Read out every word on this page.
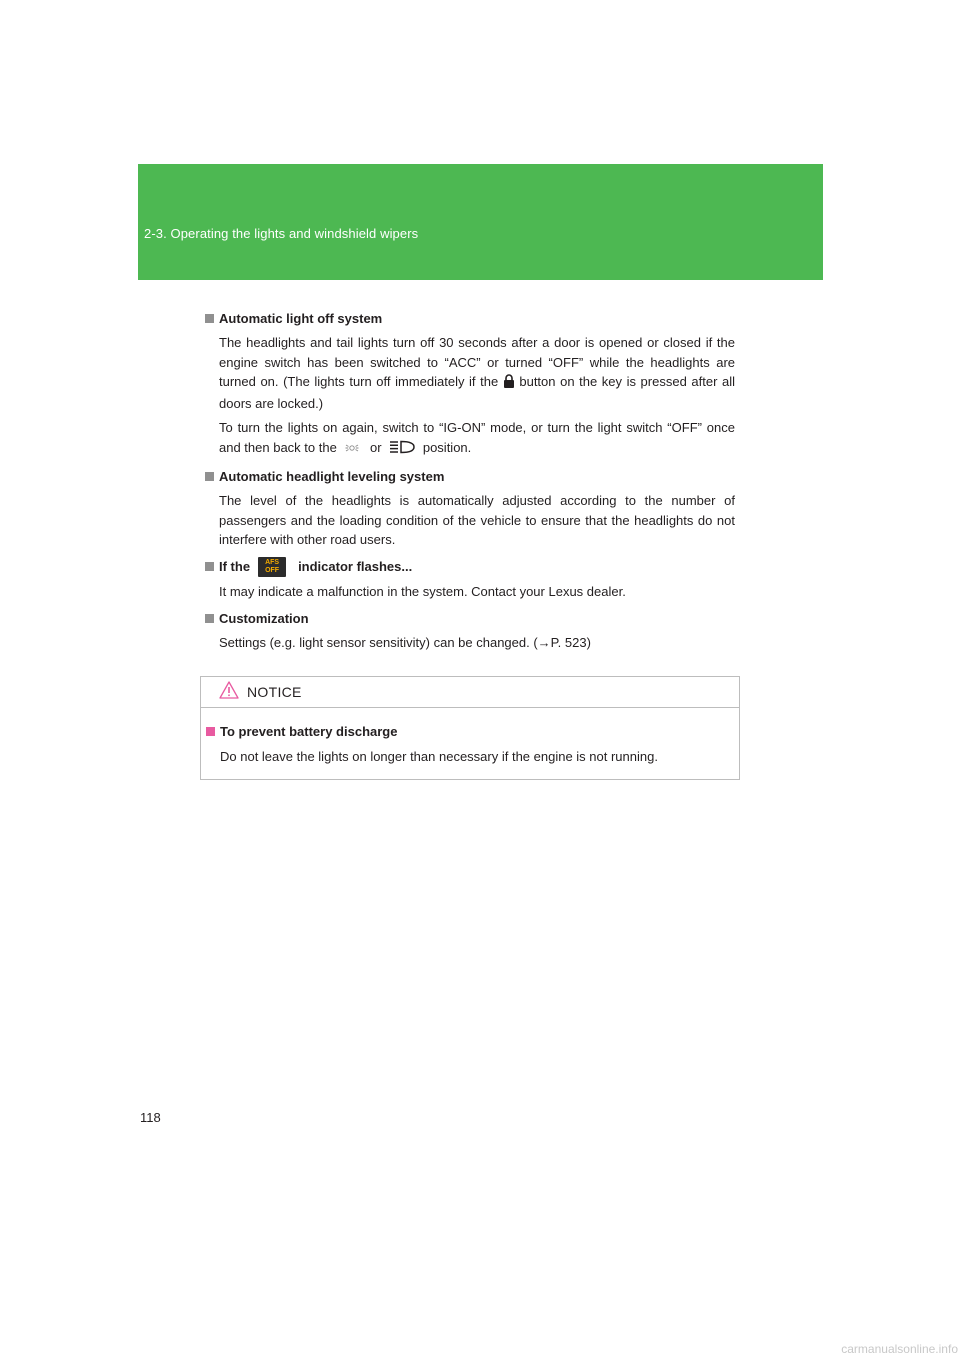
2-3. Operating the lights and windshield wipers
Automatic light off system
The headlights and tail lights turn off 30 seconds after a door is opened or closed if the engine switch has been switched to “ACC” or turned “OFF” while the headlights are turned on. (The lights turn off immediately if the  button on the key is pressed after all doors are locked.)
To turn the lights on again, switch to “IG-ON” mode, or turn the light switch “OFF” once and then back to the  or	position.
Automatic headlight leveling system
The level of the headlights is automatically adjusted according to the number of passengers and the loading condition of the vehicle to ensure that the headlights do not interfere with other road users.
If the AFS
OFF indicator flashes...
It may indicate a malfunction in the system. Contact your Lexus dealer.
Customization
Settings (e.g. light sensor sensitivity) can be changed. (→P. 523)
NOTICE
To prevent battery discharge
Do not leave the lights on longer than necessary if the engine is not running.
118
carmanualsonline.info
